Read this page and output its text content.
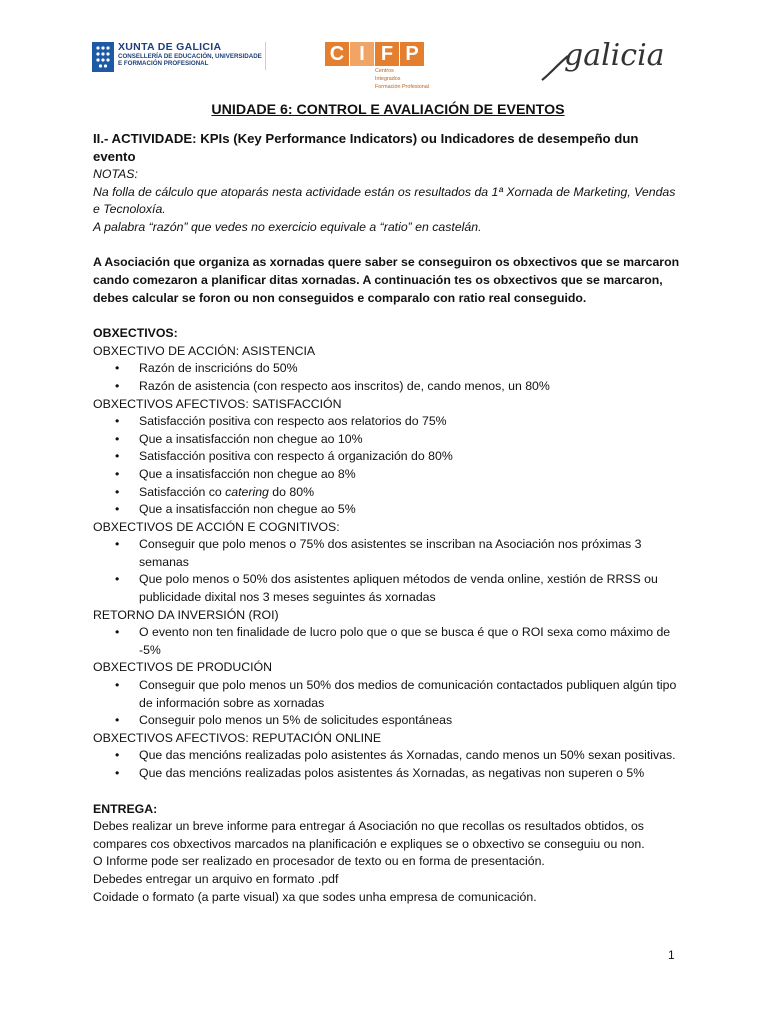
XUNTA DE GALICIA
CONSELLERÍA DE EDUCACIÓN, UNIVERSIDADE
E FORMACIÓN PROFESIONAL	C I F P
Centros
Integrados
Formación Profesional
galicia

UNIDADE 6: CONTROL E AVALIACIÓN DE EVENTOS

II.- ACTIVIDADE: KPIs (Key Performance Indicators) ou Indicadores de desempeño dun evento

NOTAS:

Na folla de cálculo que atoparás nesta actividade están os resultados da 1ª Xornada de Marketing, Vendas e Tecnoloxía.

A palabra “razón” que vedes no exercicio equivale a “ratio” en castelán.

A Asociación que organiza as xornadas quere saber se conseguiron os obxectivos que se marcaron cando comezaron a planificar ditas xornadas. A continuación tes os obxectivos que se marcaron, debes calcular se foron ou non conseguidos e comparalo con ratio real conseguido.

OBXECTIVOS:

OBXECTIVO DE ACCIÓN: ASISTENCIA

• Razón de inscricións do 50%
• Razón de asistencia (con respecto aos inscritos) de, cando menos, un 80%

OBXECTIVOS AFECTIVOS: SATISFACCIÓN

• Satisfacción positiva con respecto aos relatorios do 75%
• Que a insatisfacción non chegue ao 10%
• Satisfacción positiva con respecto á organización do 80%
• Que a insatisfacción non chegue ao 8%
• Satisfacción co catering do 80%
• Que a insatisfacción non chegue ao 5%

OBXECTIVOS DE ACCIÓN E COGNITIVOS:

• Conseguir que polo menos o 75% dos asistentes se inscriban na Asociación nos próximas 3 semanas
• Que polo menos o 50% dos asistentes apliquen métodos de venda online, xestión de RRSS ou publicidade dixital nos 3 meses seguintes ás xornadas

RETORNO DA INVERSIÓN (ROI)

• O evento non ten finalidade de lucro polo que o que se busca é que o ROI sexa como máximo de -5%

OBXECTIVOS DE PRODUCIÓN

• Conseguir que polo menos un 50% dos medios de comunicación contactados publiquen algún tipo de información sobre as xornadas
• Conseguir polo menos un 5% de solicitudes espontáneas

OBXECTIVOS AFECTIVOS: REPUTACIÓN ONLINE

• Que das mencións realizadas polo asistentes ás Xornadas, cando menos un 50% sexan positivas.
• Que das mencións realizadas polos asistentes ás Xornadas, as negativas non superen o 5%

ENTREGA:

Debes realizar un breve informe para entregar á Asociación no que recollas os resultados obtidos, os compares cos obxectivos marcados na planificación e expliques se o obxectivo se conseguiu ou non.

O Informe pode ser realizado en procesador de texto ou en forma de presentación.

Debedes entregar un arquivo en formato .pdf

Coidade o formato (a parte visual) xa que sodes unha empresa de comunicación.

1
